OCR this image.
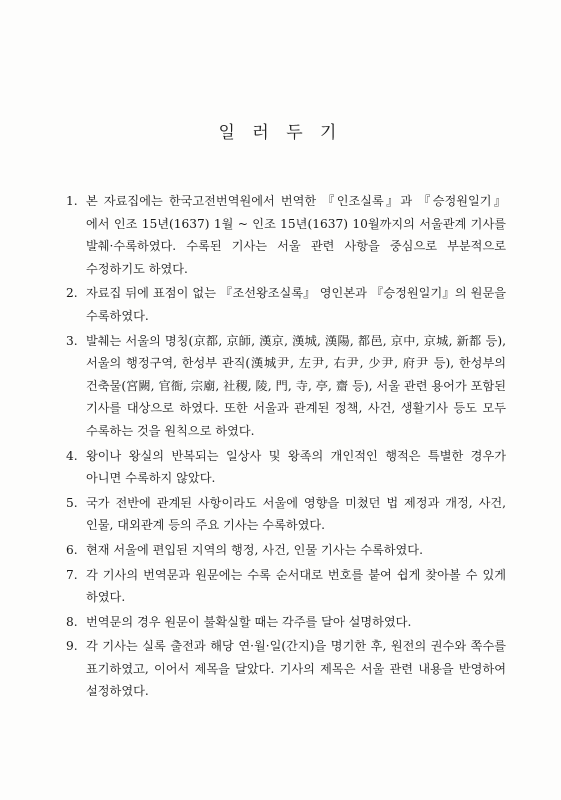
일 러 두 기
1. 본 자료집에는 한국고전번역원에서 번역한 『인조실록』과 『승정원일기』에서 인조 15년(1637) 1월 ~ 인조 15년(1637) 10월까지의 서울관계 기사를 발췌·수록하였다. 수록된 기사는 서울 관련 사항을 중심으로 부분적으로 수정하기도 하였다.
2. 자료집 뒤에 표점이 없는 『조선왕조실록』 영인본과 『승정원일기』의 원문을 수록하였다.
3. 발췌는 서울의 명칭(京都, 京師, 漢京, 漢城, 漢陽, 都邑, 京中, 京城, 新都 등), 서울의 행정구역, 한성부 관직(漢城尹, 左尹, 右尹, 少尹, 府尹 등), 한성부의 건축물(宮闕, 官衙, 宗廟, 社稷, 陵, 門, 寺, 亭, 齋 등), 서울 관련 용어가 포함된 기사를 대상으로 하였다. 또한 서울과 관계된 정책, 사건, 생활기사 등도 모두 수록하는 것을 원칙으로 하였다.
4. 왕이나 왕실의 반복되는 일상사 및 왕족의 개인적인 행적은 특별한 경우가 아니면 수록하지 않았다.
5. 국가 전반에 관계된 사항이라도 서울에 영향을 미쳤던 법 제정과 개정, 사건, 인물, 대외관계 등의 주요 기사는 수록하였다.
6. 현재 서울에 편입된 지역의 행정, 사건, 인물 기사는 수록하였다.
7. 각 기사의 번역문과 원문에는 수록 순서대로 번호를 붙여 쉽게 찾아볼 수 있게 하였다.
8. 번역문의 경우 원문이 불확실할 때는 각주를 달아 설명하였다.
9. 각 기사는 실록 출전과 해당 연·월·일(간지)을 명기한 후, 원전의 권수와 쪽수를 표기하였고, 이어서 제목을 달았다. 기사의 제목은 서울 관련 내용을 반영하여 설정하였다.
